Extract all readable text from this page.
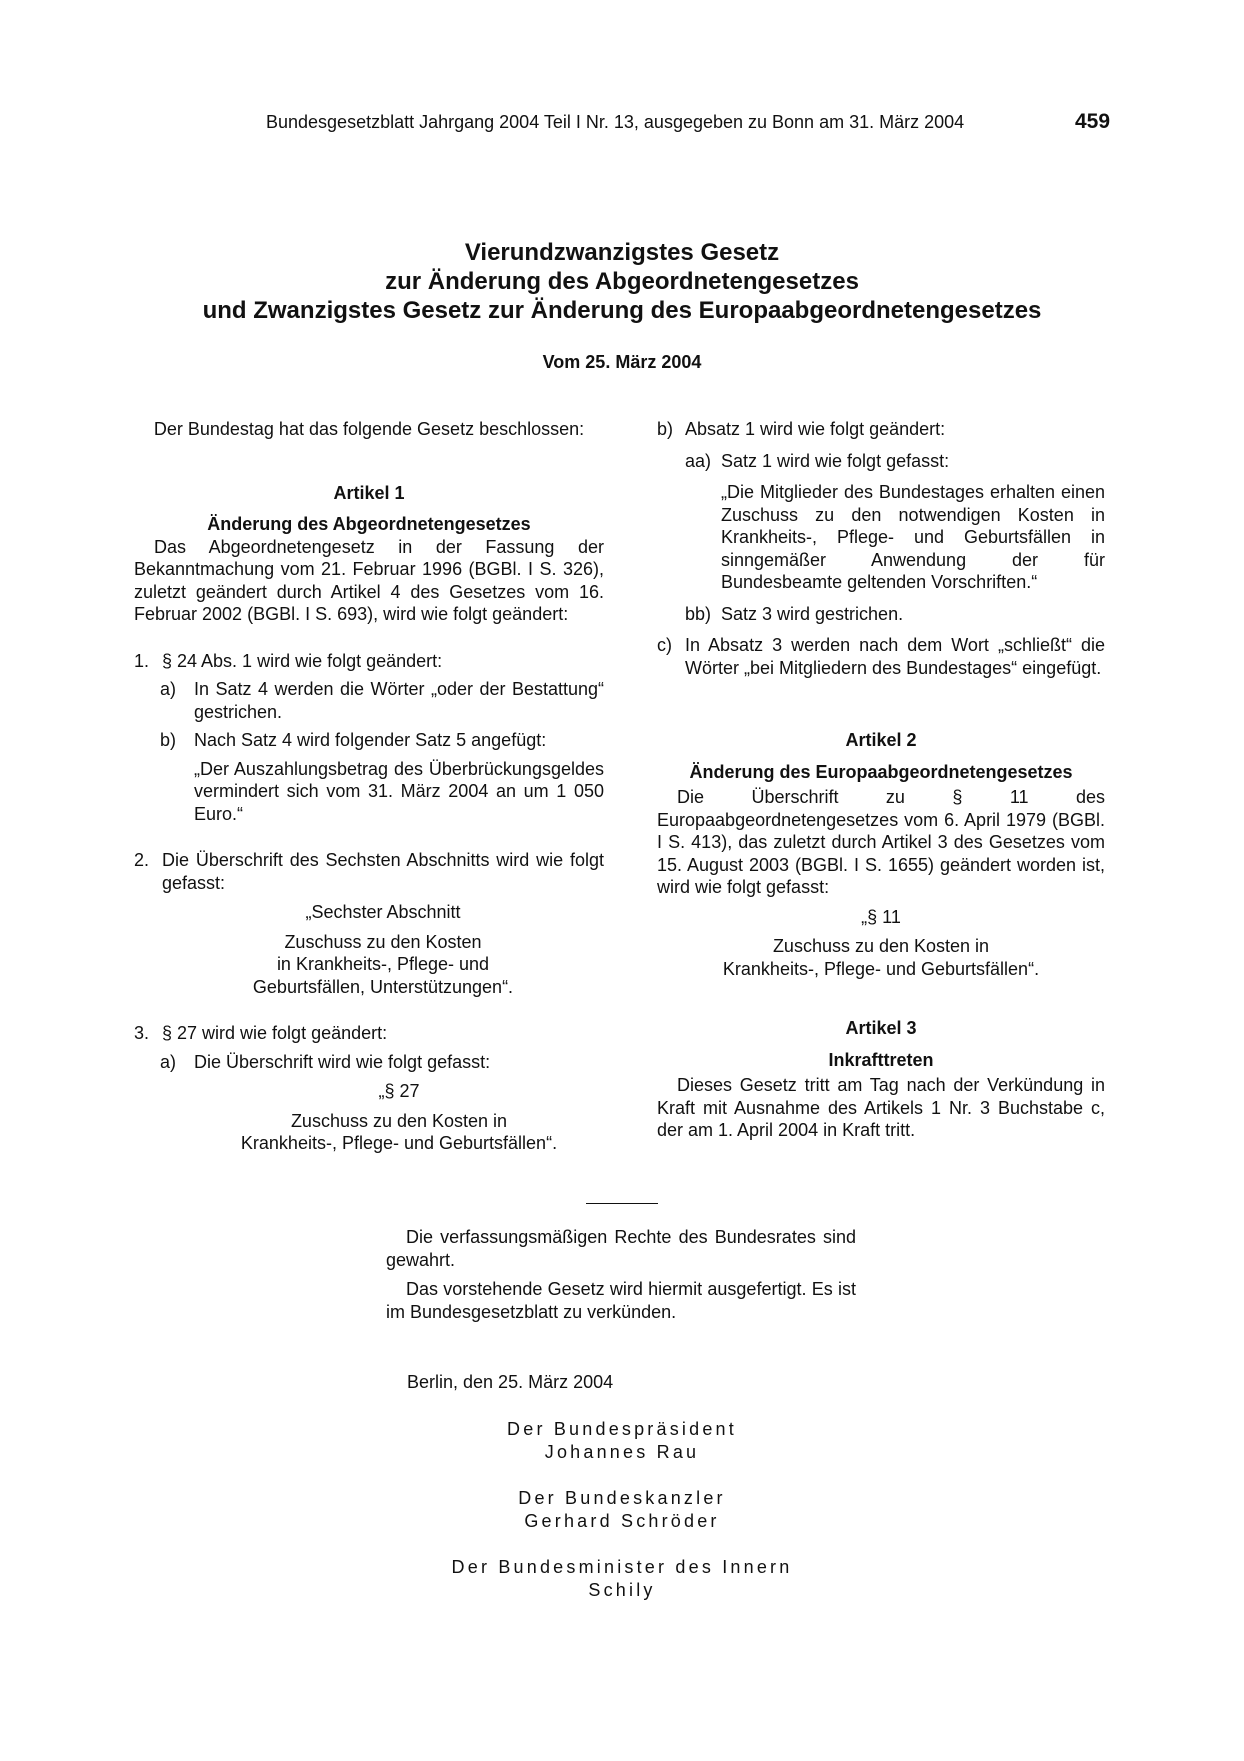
Bundesgesetzblatt Jahrgang 2004 Teil I Nr. 13, ausgegeben zu Bonn am 31. März 2004	459
Vierundzwanzigstes Gesetz
zur Änderung des Abgeordnetengesetzes
und Zwanzigstes Gesetz zur Änderung des Europaabgeordnetengesetzes
Vom 25. März 2004

Der Bundestag hat das folgende Gesetz beschlossen:

Artikel 1

Änderung des Abgeordnetengesetzes

Das Abgeordnetengesetz in der Fassung der Bekanntmachung vom 21. Februar 1996 (BGBl. I S. 326), zuletzt geändert durch Artikel 4 des Gesetzes vom 16. Februar 2002 (BGBl. I S. 693), wird wie folgt geändert:

1. § 24 Abs. 1 wird wie folgt geändert:
a) In Satz 4 werden die Wörter „oder der Bestattung“ gestrichen.
b) Nach Satz 4 wird folgender Satz 5 angefügt:

„Der Auszahlungsbetrag des Überbrückungsgeldes vermindert sich vom 31. März 2004 an um 1 050 Euro.“

2. Die Überschrift des Sechsten Abschnitts wird wie folgt gefasst:

„Sechster Abschnitt

Zuschuss zu den Kosten
in Krankheits-, Pflege- und
Geburtsfällen, Unterstützungen“.
3. § 27 wird wie folgt geändert:
a) Die Überschrift wird wie folgt gefasst:

„§ 27

Zuschuss zu den Kosten in
Krankheits-, Pflege- und Geburtsfällen“.
b) Absatz 1 wird wie folgt geändert:
aa) Satz 1 wird wie folgt gefasst:

„Die Mitglieder des Bundestages erhalten einen Zuschuss zu den notwendigen Kosten in Krankheits-, Pflege- und Geburtsfällen in sinngemäßer Anwendung der für Bundesbeamte geltenden Vorschriften.“

bb) Satz 3 wird gestrichen.
c) In Absatz 3 werden nach dem Wort „schließt“ die Wörter „bei Mitgliedern des Bundestages“ eingefügt.

Artikel 2

Änderung des Europaabgeordnetengesetzes

Die Überschrift zu § 11 des Europaabgeordnetengesetzes vom 6. April 1979 (BGBl. I S. 413), das zuletzt durch Artikel 3 des Gesetzes vom 15. August 2003 (BGBl. I S. 1655) geändert worden ist, wird wie folgt gefasst:

„§ 11

Zuschuss zu den Kosten in
Krankheits-, Pflege- und Geburtsfällen“.

Artikel 3

Inkrafttreten

Dieses Gesetz tritt am Tag nach der Verkündung in Kraft mit Ausnahme des Artikels 1 Nr. 3 Buchstabe c, der am 1. April 2004 in Kraft tritt.

Die verfassungsmäßigen Rechte des Bundesrates sind gewahrt.

Das vorstehende Gesetz wird hiermit ausgefertigt. Es ist im Bundesgesetzblatt zu verkünden.

Berlin, den 25. März 2004
Der Bundespräsident
Johannes Rau
Der Bundeskanzler
Gerhard Schröder
Der Bundesminister des Innern
Schily
